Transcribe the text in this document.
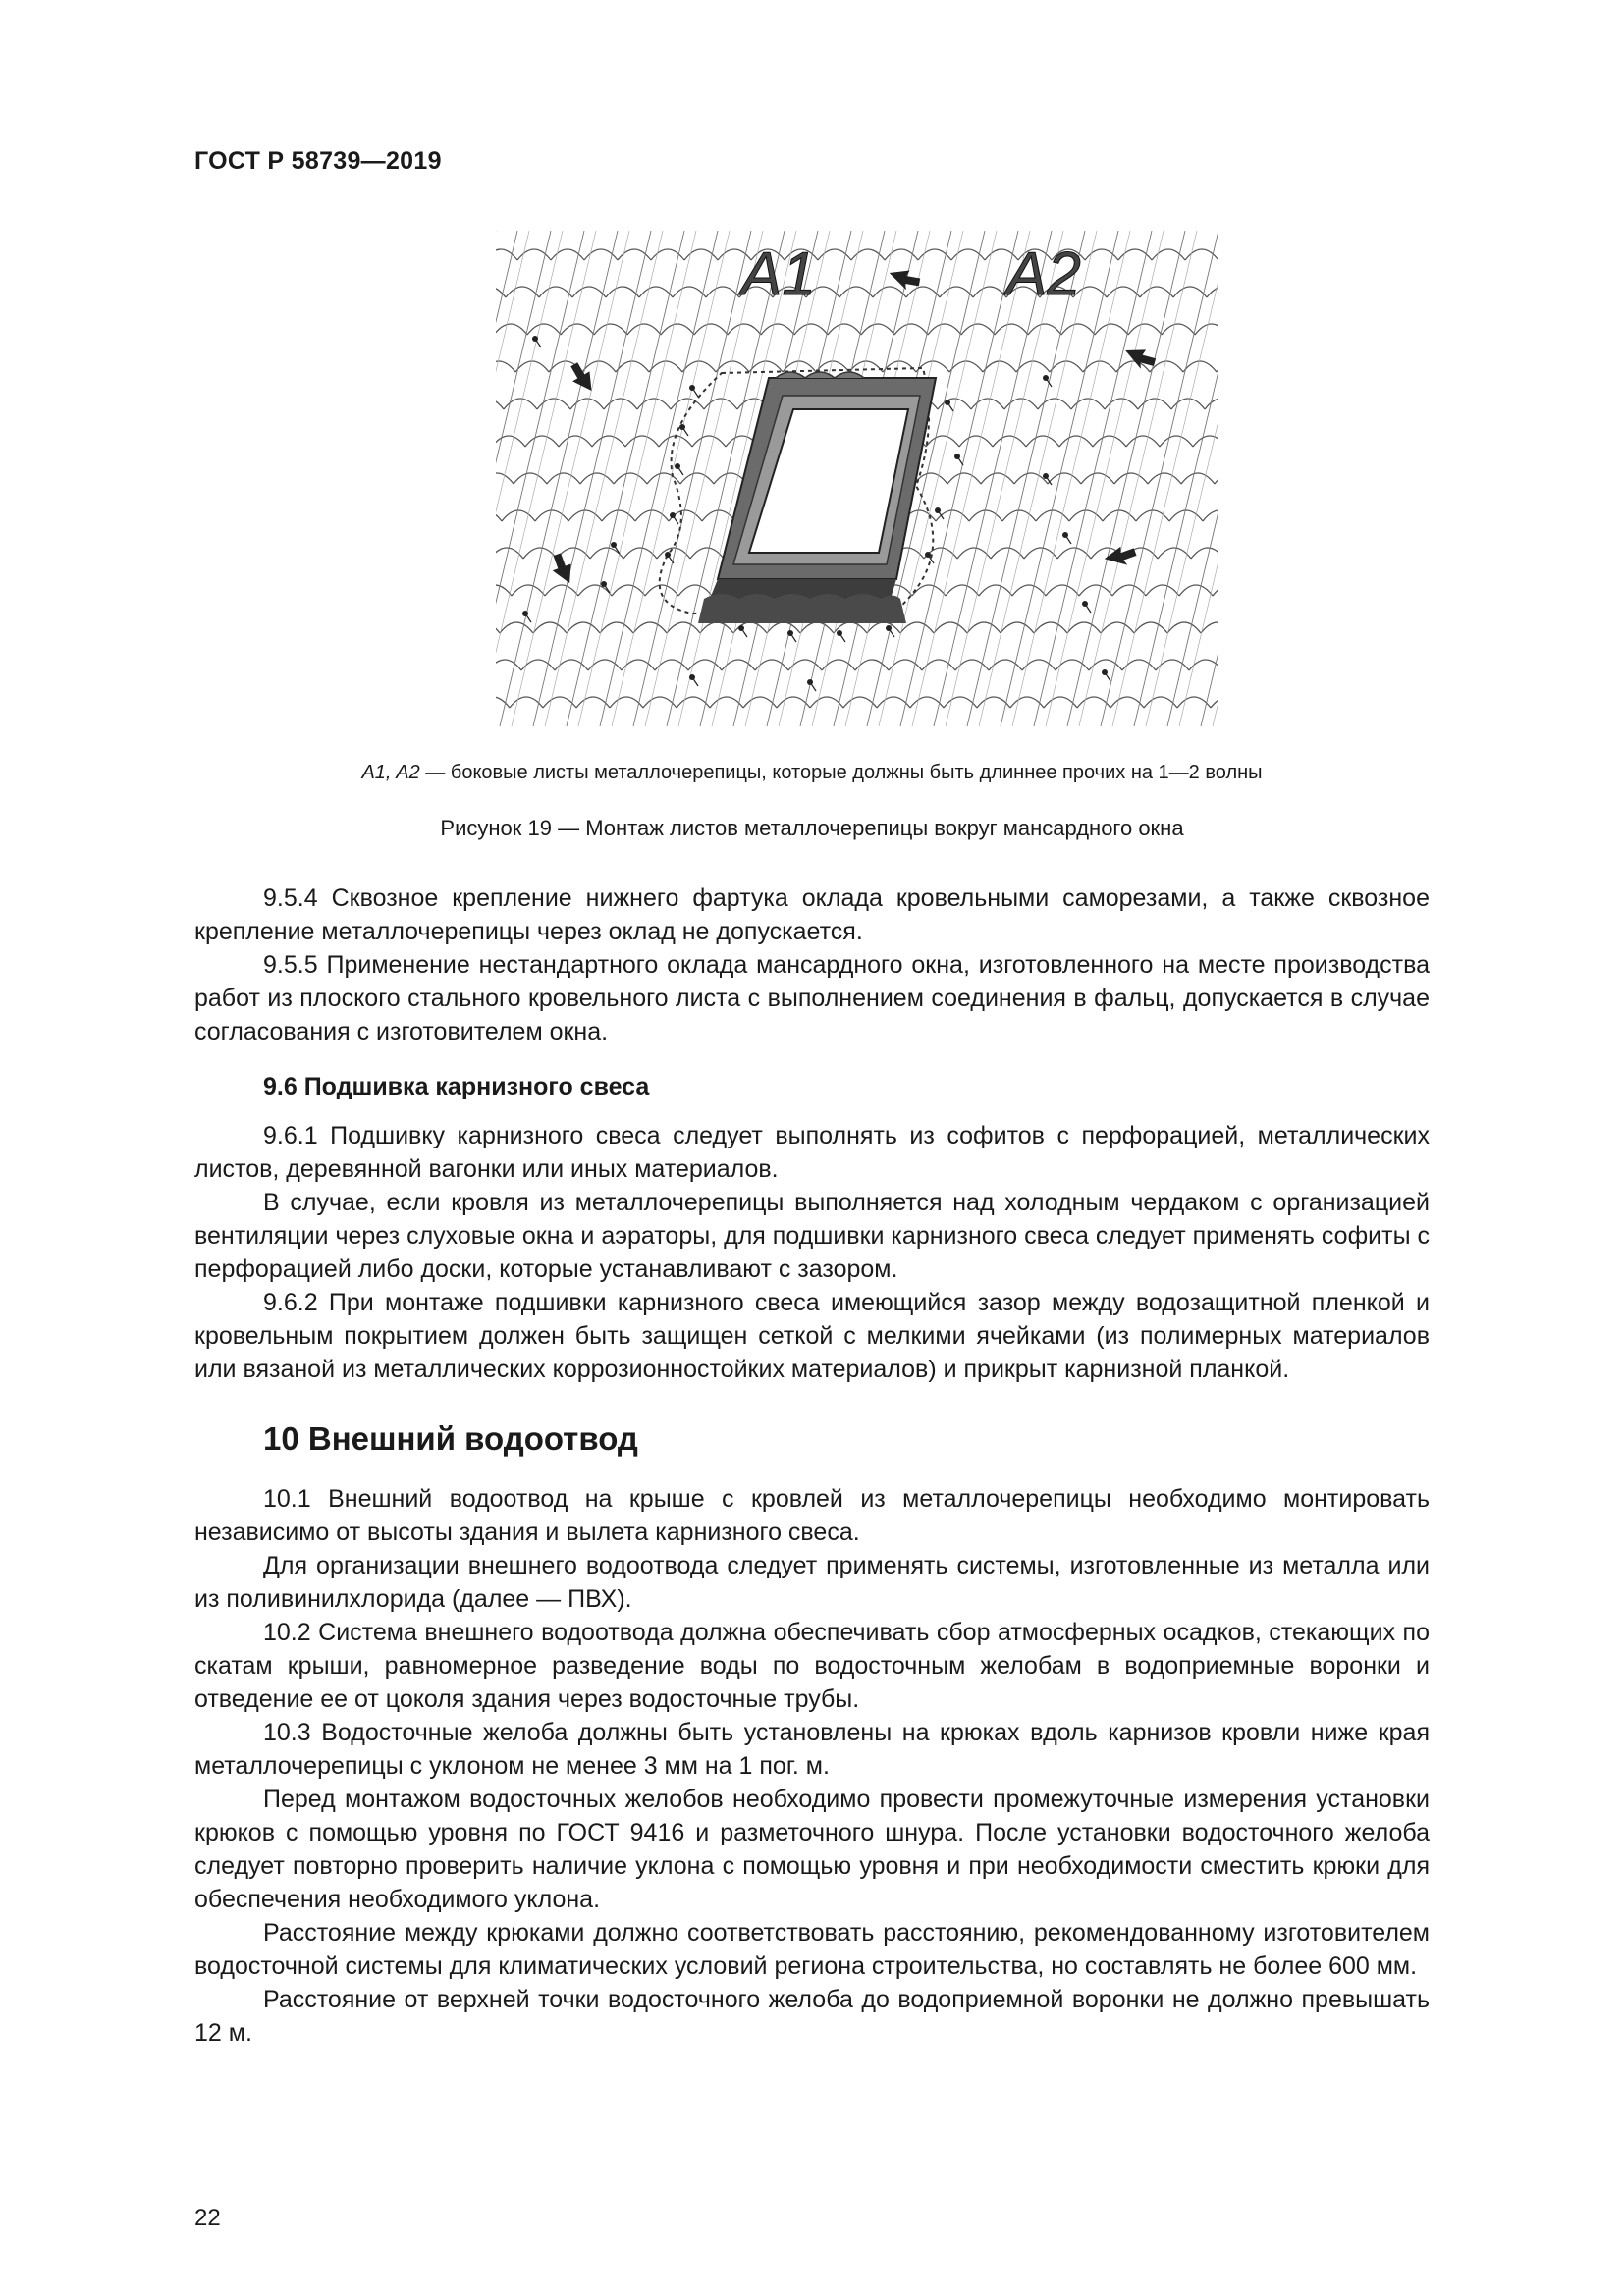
ГОСТ Р 58739—2019
A1	A2
A1, A2 — боковые листы металлочерепицы, которые должны быть длиннее прочих на 1—2 волны
Рисунок 19 — Монтаж листов металлочерепицы вокруг мансардного окна

9.5.4 Сквозное крепление нижнего фартука оклада кровельными саморезами, а также сквозное крепление металлочерепицы через оклад не допускается.

9.5.5 Применение нестандартного оклада мансардного окна, изготовленного на месте производства работ из плоского стального кровельного листа с выполнением соединения в фальц, допускается в случае согласования с изготовителем окна.

9.6 Подшивка карнизного свеса

9.6.1 Подшивку карнизного свеса следует выполнять из софитов с перфорацией, металлических листов, деревянной вагонки или иных материалов.

В случае, если кровля из металлочерепицы выполняется над холодным чердаком с организацией вентиляции через слуховые окна и аэраторы, для подшивки карнизного свеса следует применять софиты с перфорацией либо доски, которые устанавливают с зазором.

9.6.2 При монтаже подшивки карнизного свеса имеющийся зазор между водозащитной пленкой и кровельным покрытием должен быть защищен сеткой с мелкими ячейками (из полимерных материалов или вязаной из металлических коррозионностойких материалов) и прикрыт карнизной планкой.

10 Внешний водоотвод

10.1 Внешний водоотвод на крыше с кровлей из металлочерепицы необходимо монтировать независимо от высоты здания и вылета карнизного свеса.

Для организации внешнего водоотвода следует применять системы, изготовленные из металла или из поливинилхлорида (далее — ПВХ).

10.2 Система внешнего водоотвода должна обеспечивать сбор атмосферных осадков, стекающих по скатам крыши, равномерное разведение воды по водосточным желобам в водоприемные воронки и отведение ее от цоколя здания через водосточные трубы.

10.3 Водосточные желоба должны быть установлены на крюках вдоль карнизов кровли ниже края металлочерепицы с уклоном не менее 3 мм на 1 пог. м.

Перед монтажом водосточных желобов необходимо провести промежуточные измерения установки крюков с помощью уровня по ГОСТ 9416 и разметочного шнура. После установки водосточного желоба следует повторно проверить наличие уклона с помощью уровня и при необходимости сместить крюки для обеспечения необходимого уклона.

Расстояние между крюками должно соответствовать расстоянию, рекомендованному изготовителем водосточной системы для климатических условий региона строительства, но составлять не более 600 мм.

Расстояние от верхней точки водосточного желоба до водоприемной воронки не должно превышать 12 м.

22
